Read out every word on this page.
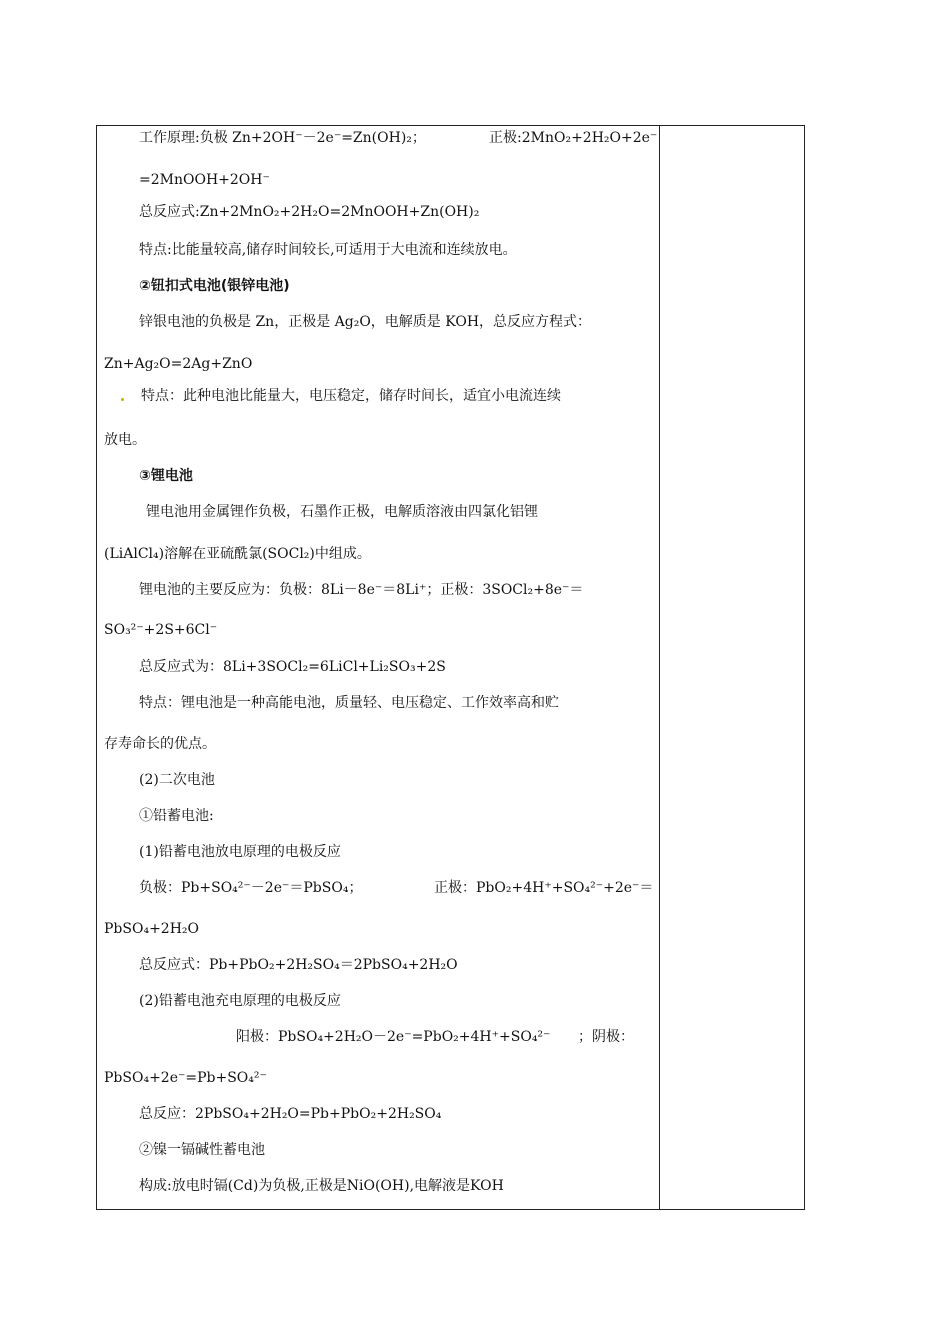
工作原理:负极 Zn+2OH⁻－2e⁻=Zn(OH)₂；	正极:2MnO₂+2H₂O+2e⁻
=2MnOOH+2OH⁻
总反应式:Zn+2MnO₂+2H₂O=2MnOOH+Zn(OH)₂
特点:比能量较高,储存时间较长,可适用于大电流和连续放电。
②钮扣式电池(银锌电池)
锌银电池的负极是 Zn，正极是 Ag₂O，电解质是 KOH，总反应方程式：
Zn+Ag₂O=2Ag+ZnO
特点：此种电池比能量大，电压稳定，储存时间长，适宜小电流连续
放电。
③锂电池
锂电池用金属锂作负极，石墨作正极，电解质溶液由四氯化铝锂
(LiAlCl₄)溶解在亚硫酰氯(SOCl₂)中组成。
锂电池的主要反应为：负极：8Li－8e⁻＝8Li⁺；正极：3SOCl₂+8e⁻＝
SO₃²⁻+2S+6Cl⁻
总反应式为：8Li+3SOCl₂=6LiCl+Li₂SO₃+2S
特点：锂电池是一种高能电池，质量轻、电压稳定、工作效率高和贮
存寿命长的优点。
(2)二次电池
①铅蓄电池:
(1)铅蓄电池放电原理的电极反应
负极：Pb+SO₄²⁻－2e⁻＝PbSO₄；	正极：PbO₂+4H⁺+SO₄²⁻+2e⁻＝
PbSO₄+2H₂O
总反应式：Pb+PbO₂+2H₂SO₄＝2PbSO₄+2H₂O
(2)铅蓄电池充电原理的电极反应
阳极：PbSO₄+2H₂O－2e⁻=PbO₂+4H⁺+SO₄²⁻ ；阴极：
PbSO₄+2e⁻=Pb+SO₄²⁻
总反应：2PbSO₄+2H₂O=Pb+PbO₂+2H₂SO₄
②镍一镉碱性蓄电池
构成:放电时镉(Cd)为负极,正极是NiO(OH),电解液是KOH
